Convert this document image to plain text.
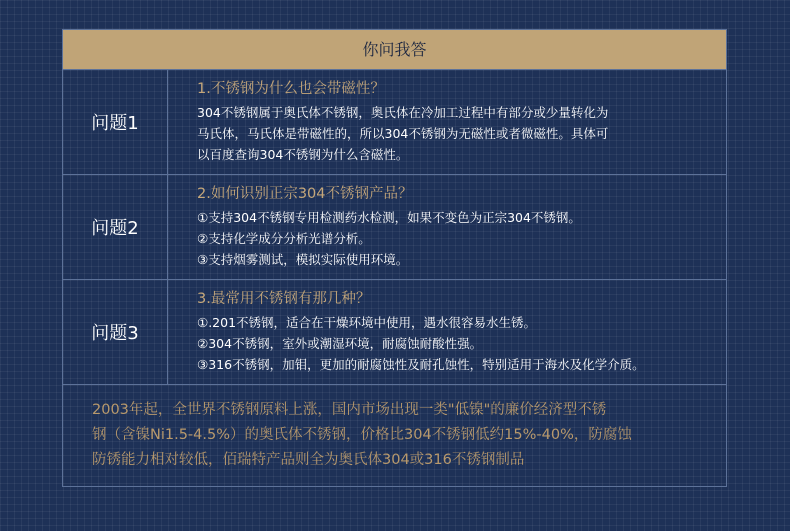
你问我答
问题1
1.不锈钢为什么也会带磁性？
304不锈钢属于奥氏体不锈钢，奥氏体在冷加工过程中有部分或少量转化为
马氏体，马氏体是带磁性的，所以304不锈钢为无磁性或者微磁性。具体可
以百度查询304不锈钢为什么含磁性。
问题2
2.如何识别正宗304不锈钢产品？
①支持304不锈钢专用检测药水检测，如果不变色为正宗304不锈钢。
②支持化学成分分析光谱分析。
③支持烟雾测试，模拟实际使用环境。
问题3
3.最常用不锈钢有那几种？
①.201不锈钢，适合在干燥环境中使用，遇水很容易水生锈。
②304不锈钢，室外或潮湿环境，耐腐蚀耐酸性强。
③316不锈钢，加钼，更加的耐腐蚀性及耐孔蚀性，特别适用于海水及化学介质。
2003年起，全世界不锈钢原料上涨，国内市场出现一类"低镍"的廉价经济型不锈
钢（含镍Ni1.5-4.5%）的奥氏体不锈钢，价格比304不锈钢低约15%-40%，防腐蚀
防锈能力相对较低，佰瑞特产品则全为奥氏体304或316不锈钢制品
